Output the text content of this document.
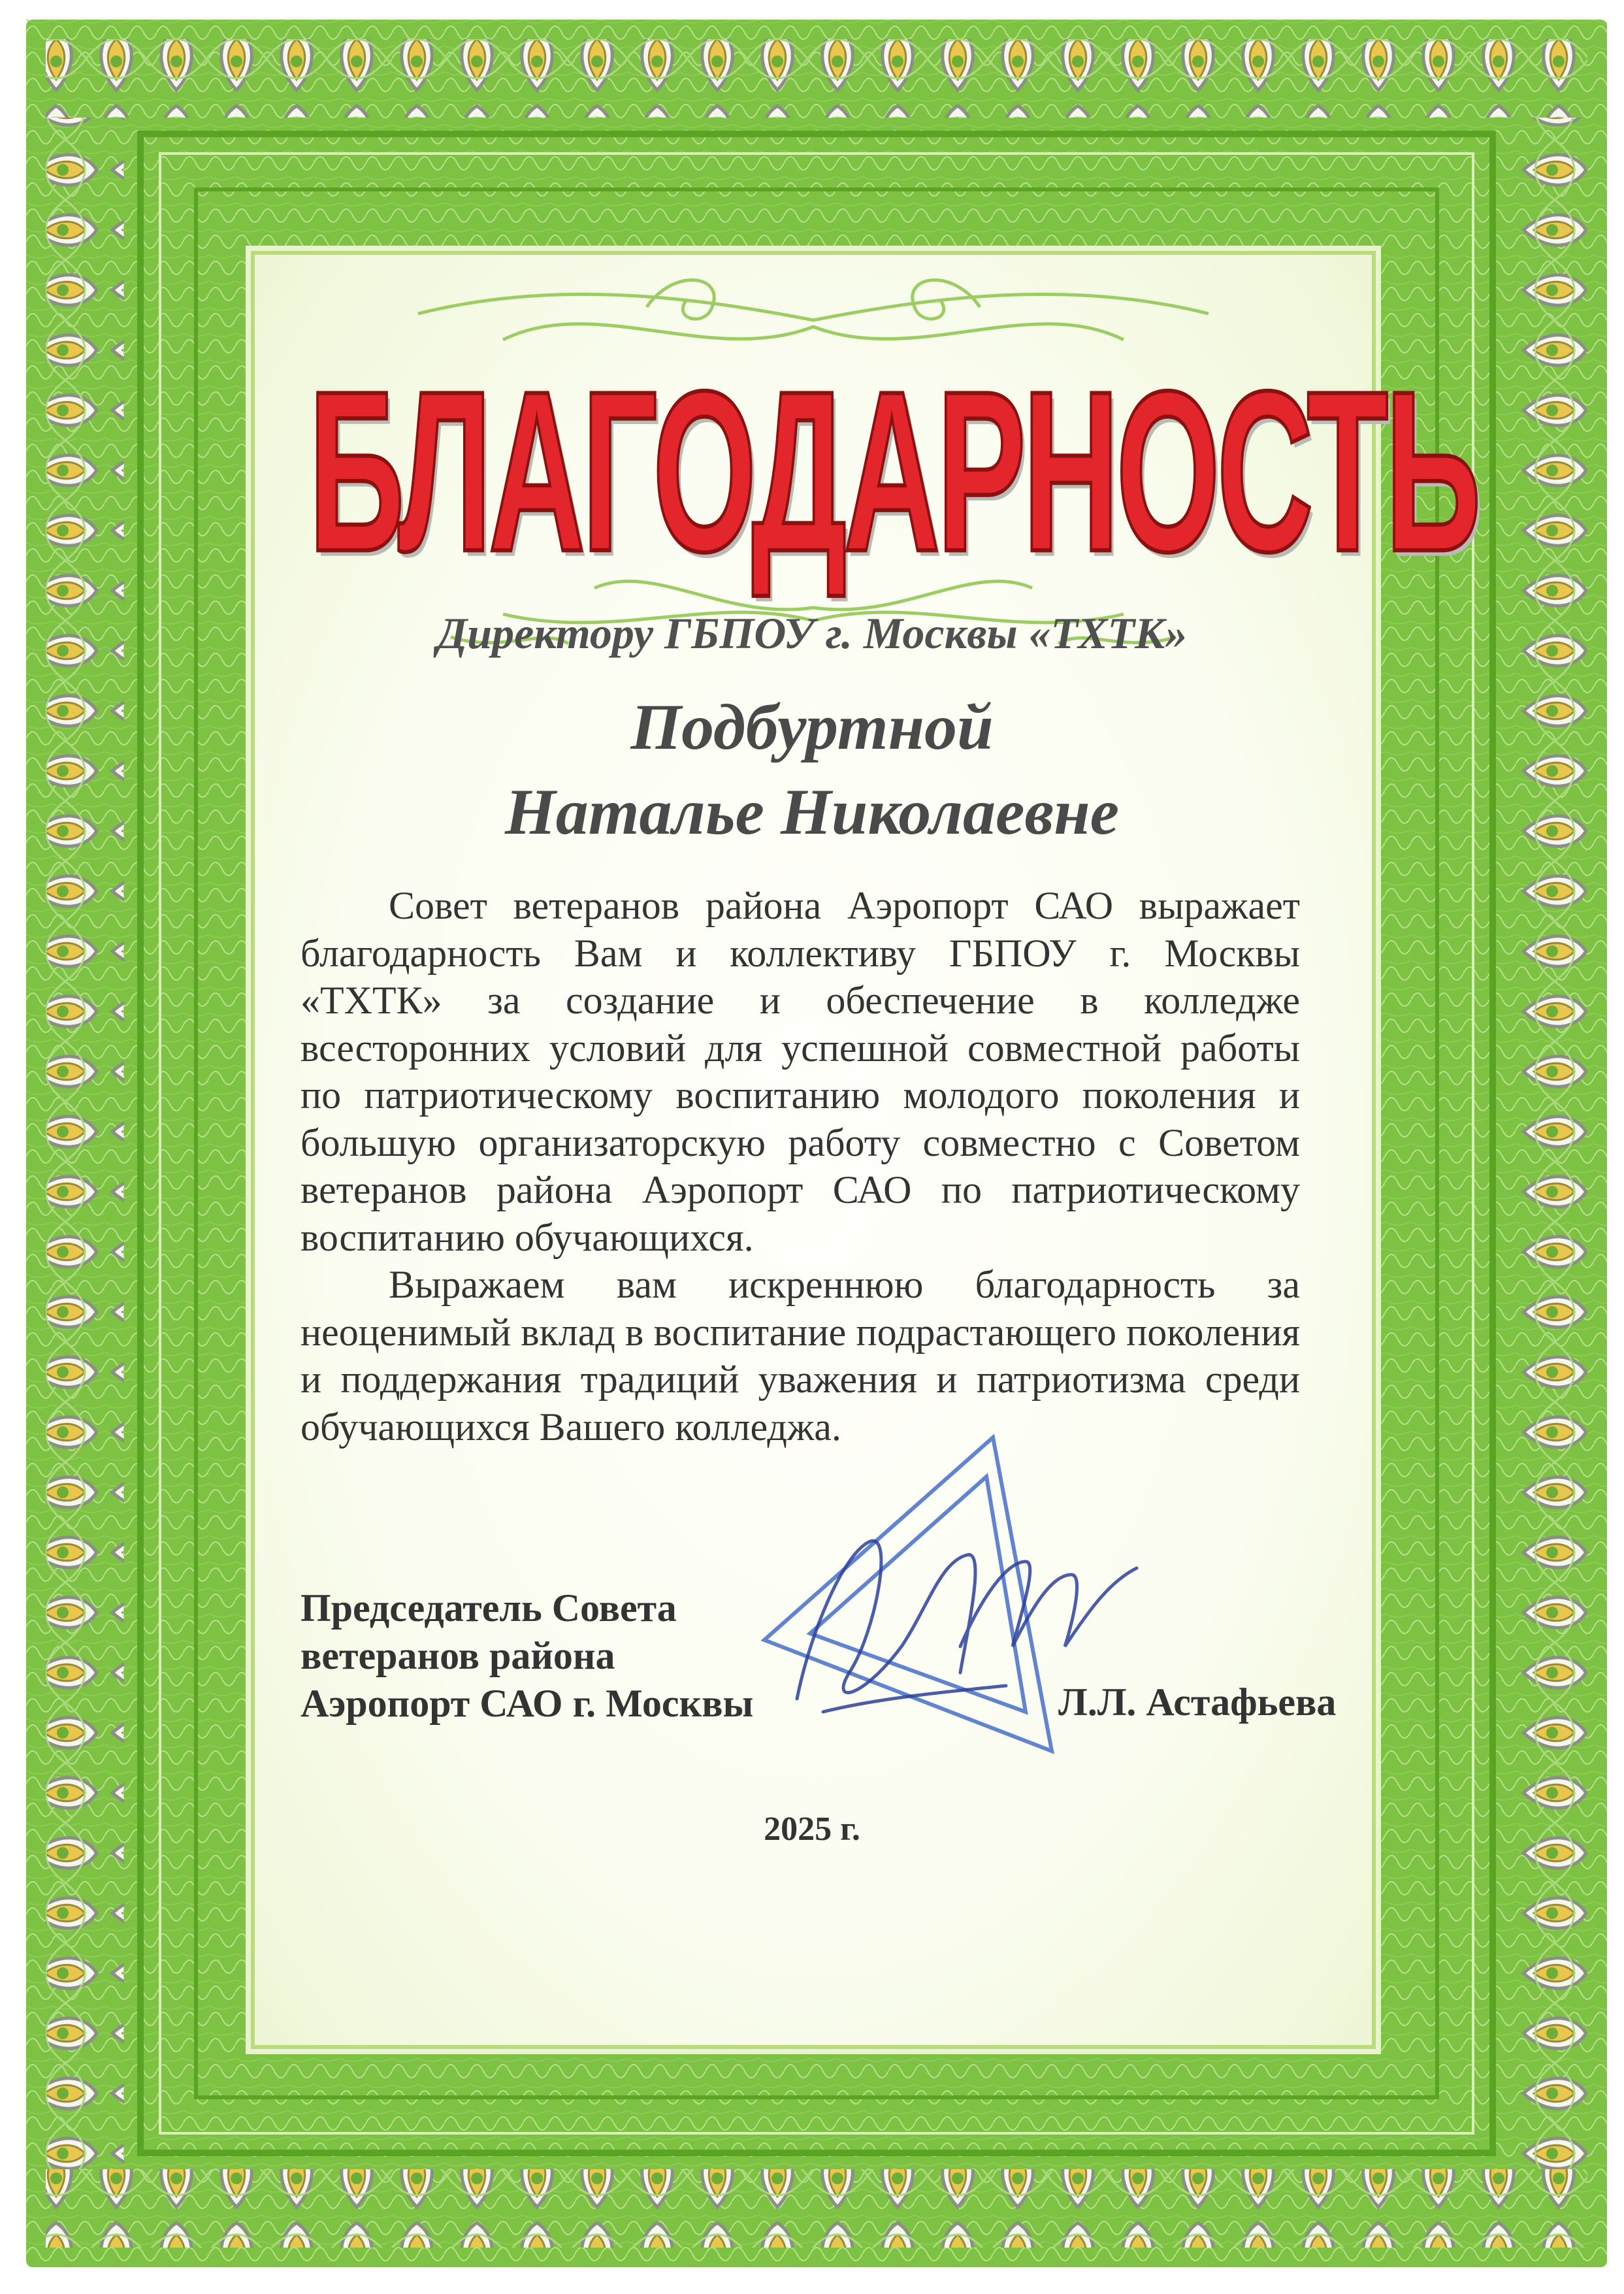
БЛАГОДАРНОСТЬ
Директору ГБПОУ г. Москвы «ТХТК»
Подбуртной
Наталье Николаевне

Совет ветеранов района Аэропорт САО выражает благодарность Вам и коллективу ГБПОУ г. Москвы «ТХТК» за создание и обеспечение в колледже всесторонних условий для успешной совместной работы по патриотическому воспитанию молодого поколения и большую организаторскую работу совместно с Советом ветеранов района Аэропорт САО по патриотическому воспитанию обучающихся.

Выражаем вам искреннюю благодарность за неоценимый вклад в воспитание подрастающего поколения и поддержания традиций уважения и патриотизма среди обучающихся Вашего колледжа.

Председатель Совета
ветеранов района
Аэропорт САО г. Москвы	Л.Л. Астафьева
2025 г.
